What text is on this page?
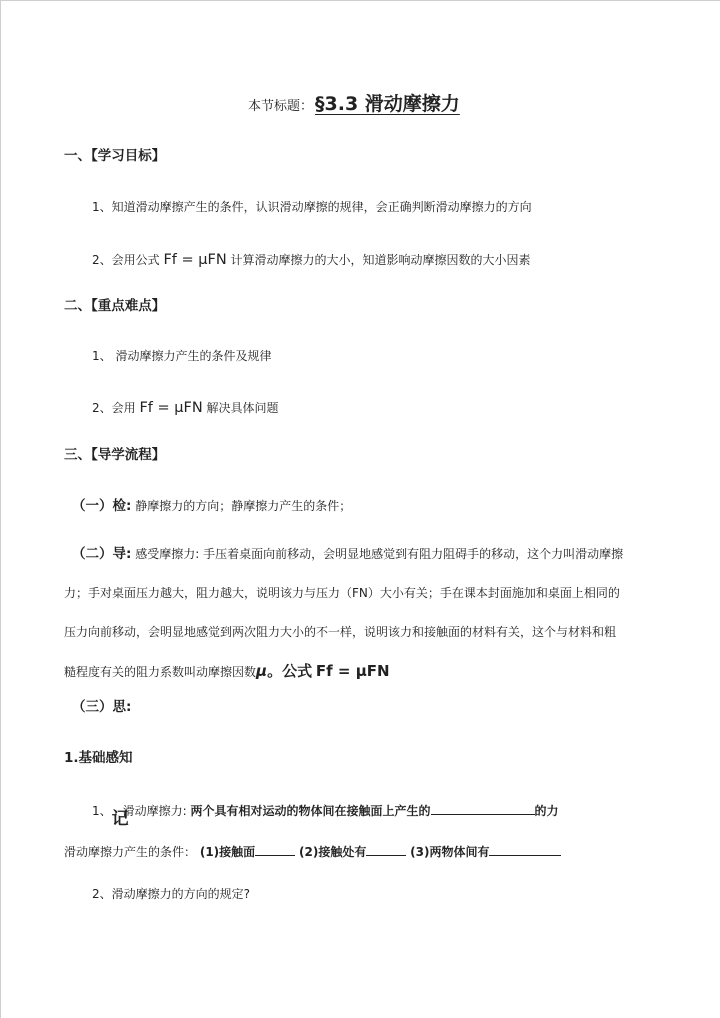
本节标题： §3.3 滑动摩擦力
一、【学习目标】
1、知道滑动摩擦产生的条件，认识滑动摩擦的规律，会正确判断滑动摩擦力的方向
2、会用公式 Ff = μFN 计算滑动摩擦力的大小，知道影响动摩擦因数的大小因素
二、【重点难点】
1、 滑动摩擦力产生的条件及规律
2、会用 Ff = μFN 解决具体问题
三、【导学流程】
（一）检: 静摩擦力的方向；静摩擦力产生的条件；
（二）导: 感受摩擦力: 手压着桌面向前移动，会明显地感觉到有阻力阻碍手的移动，这个力叫滑动摩擦
力；手对桌面压力越大，阻力越大，说明该力与压力（FN）大小有关；手在课本封面施加和桌面上相同的
压力向前移动，会明显地感觉到两次阻力大小的不一样，说明该力和接触面的材料有关，这个与材料和粗
糙程度有关的阻力系数叫动摩擦因数μ。公式 Ff = μFN
（三）思:
1.基础感知
1、记滑动摩擦力: 两个具有相对运动的物体间在接触面上产生的	的力
滑动摩擦力产生的条件： (1)接触面	(2)接触处有	(3)两物体间有
2、滑动摩擦力的方向的规定?
